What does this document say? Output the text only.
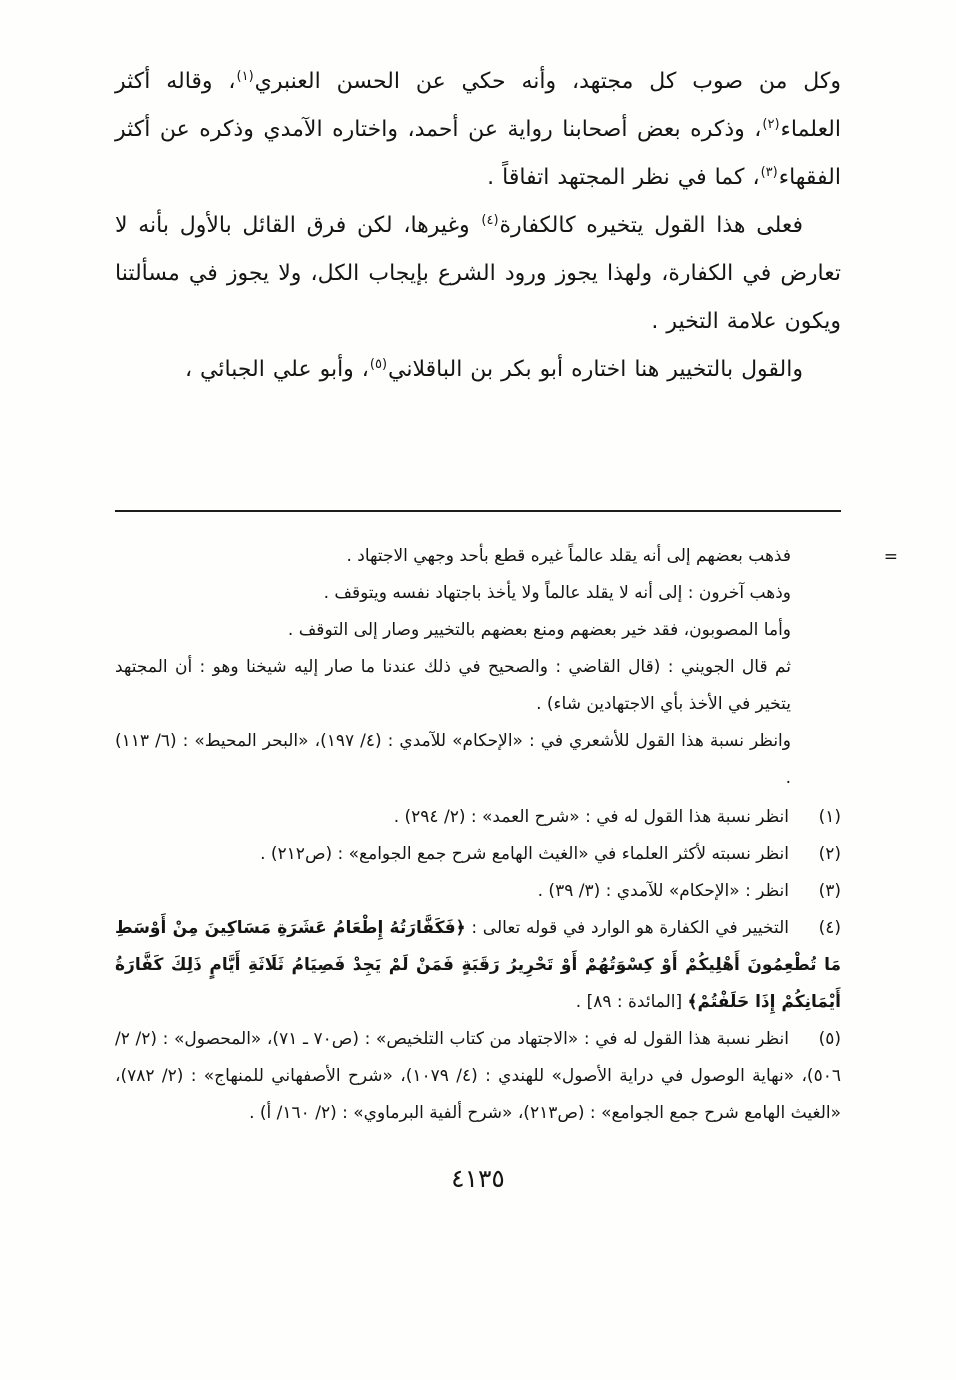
وكل من صوب كل مجتهد، وأنه حكي عن الحسن العنبري$^{(١)}$، وقاله أكثر العلماء$^{(٢)}$، وذكره بعض أصحابنا رواية عن أحمد، واختاره الآمدي وذكره عن أكثر الفقهاء$^{(٣)}$، كما في نظر المجتهد اتفاقاً .

فعلى هذا القول يتخيره كالكفارة$^{(٤)}$ وغيرها، لكن فرق القائل بالأول بأنه لا تعارض في الكفارة، ولهذا يجوز ورود الشرع بإيجاب الكل، ولا يجوز في مسألتنا ويكون علامة التخير .

والقول بالتخيير هنا اختاره أبو بكر بن الباقلاني$^{(٥)}$، وأبو علي الجبائي ،

=

فذهب بعضهم إلى أنه يقلد عالماً غيره قطع بأحد وجهي الاجتهاد .

وذهب آخرون : إلى أنه لا يقلد عالماً ولا يأخذ باجتهاد نفسه ويتوقف .

وأما المصوبون، فقد خير بعضهم ومنع بعضهم بالتخيير وصار إلى التوقف .

ثم قال الجويني : (قال القاضي : والصحيح في ذلك عندنا ما صار إليه شيخنا وهو : أن المجتهد يتخير في الأخذ بأي الاجتهادين شاء) .

وانظر نسبة هذا القول للأشعري في : «الإحكام» للآمدي : (٤/ ١٩٧)، «البحر المحيط» : (٦/ ١١٣) .

(١)انظر نسبة هذا القول له في : «شرح العمد» : (٢/ ٢٩٤) .

(٢)انظر نسبته لأكثر العلماء في «الغيث الهامع شرح جمع الجوامع» : (ص٢١٢) .

(٣)انظر : «الإحكام» للآمدي : (٣/ ٣٩) .

(٤)التخيير في الكفارة هو الوارد في قوله تعالى : ﴿فَكَفَّارَتُهُ إِطْعَامُ عَشَرَةِ مَسَاكِينَ مِنْ أَوْسَطِ مَا تُطْعِمُونَ أَهْلِيكُمْ أَوْ كِسْوَتُهُمْ أَوْ تَحْرِيرُ رَقَبَةٍ فَمَنْ لَمْ يَجِدْ فَصِيَامُ ثَلَاثَةِ أَيَّامٍ ذَلِكَ كَفَّارَةُ أَيْمَانِكُمْ إِذَا حَلَفْتُمْ﴾ [المائدة : ٨٩] .

(٥)انظر نسبة هذا القول له في : «الاجتهاد من كتاب التلخيص» : (ص٧٠ ـ ٧١)، «المحصول» : (٢/ ٢/ ٥٠٦)، «نهاية الوصول في دراية الأصول» للهندي : (٤/ ١٠٧٩)، «شرح الأصفهاني للمنهاج» : (٢/ ٧٨٢)، «الغيث الهامع شرح جمع الجوامع» : (ص٢١٣)، «شرح ألفية البرماوي» : (٢/ ١٦٠/ أ) .

٤١٣٥
